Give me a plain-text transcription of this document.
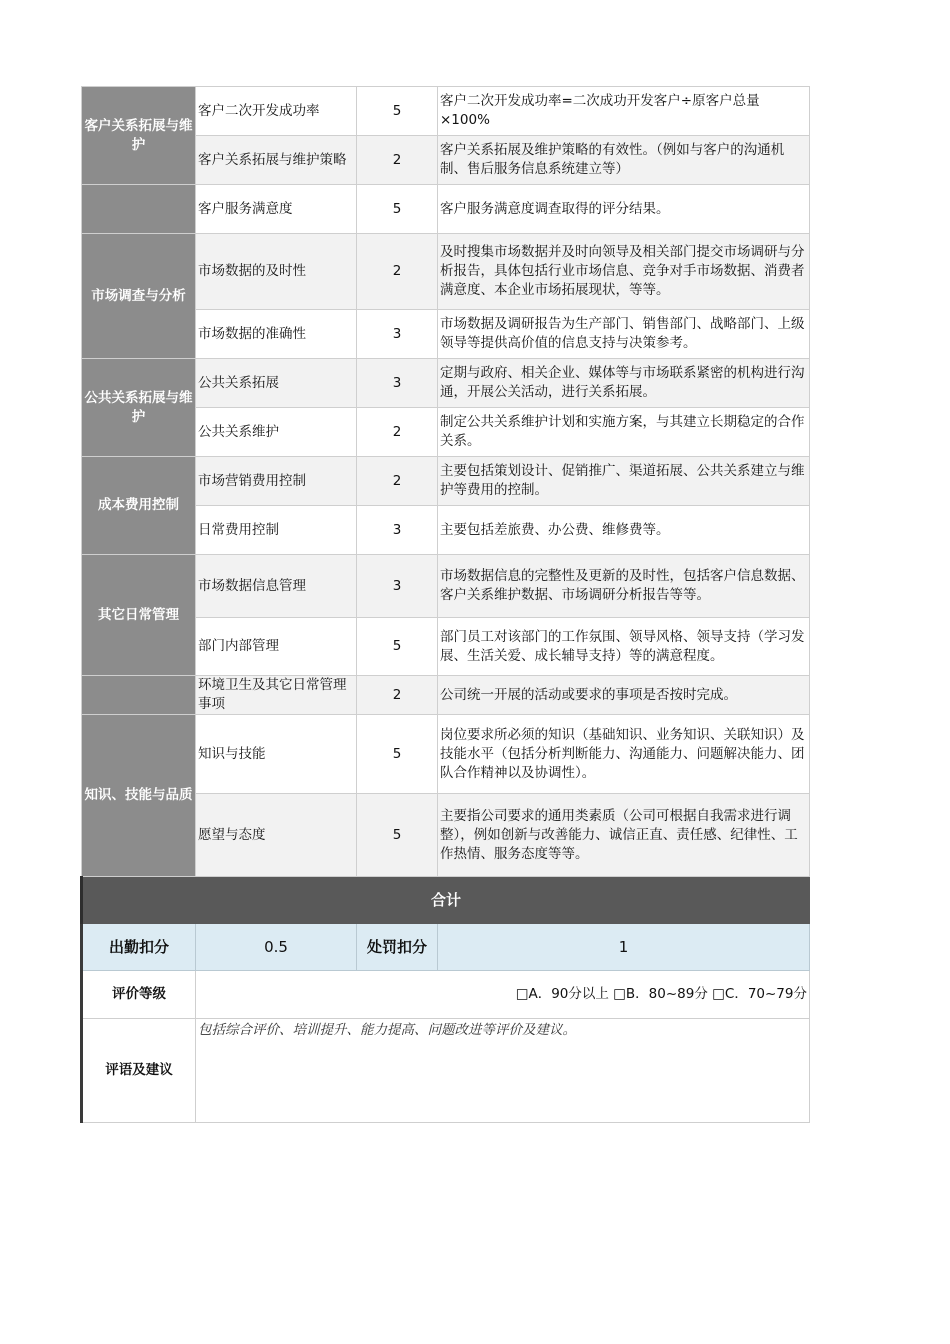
客户关系拓展与维护	客户二次开发成功率	5	客户二次开发成功率=二次成功开发客户÷原客户总量×100%
	客户关系拓展与维护策略	2	客户关系拓展及维护策略的有效性。（例如与客户的沟通机制、售后服务信息系统建立等）
	客户服务满意度	5	客户服务满意度调查取得的评分结果。
市场调查与分析	市场数据的及时性	2	及时搜集市场数据并及时向领导及相关部门提交市场调研与分析报告，具体包括行业市场信息、竞争对手市场数据、消费者满意度、本企业市场拓展现状，等等。
	市场数据的准确性	3	市场数据及调研报告为生产部门、销售部门、战略部门、上级领导等提供高价值的信息支持与决策参考。
公共关系拓展与维护	公共关系拓展	3	定期与政府、相关企业、媒体等与市场联系紧密的机构进行沟通，开展公关活动，进行关系拓展。
	公共关系维护	2	制定公共关系维护计划和实施方案，与其建立长期稳定的合作关系。
成本费用控制	市场营销费用控制	2	主要包括策划设计、促销推广、渠道拓展、公共关系建立与维护等费用的控制。
	日常费用控制	3	主要包括差旅费、办公费、维修费等。
其它日常管理	市场数据信息管理	3	市场数据信息的完整性及更新的及时性，包括客户信息数据、客户关系维护数据、市场调研分析报告等等。
	部门内部管理	5	部门员工对该部门的工作氛围、领导风格、领导支持（学习发展、生活关爱、成长辅导支持）等的满意程度。
	环境卫生及其它日常管理事项	2	公司统一开展的活动或要求的事项是否按时完成。
知识、技能与品质	知识与技能	5	岗位要求所必须的知识（基础知识、业务知识、关联知识）及技能水平（包括分析判断能力、沟通能力、问题解决能力、团队合作精神以及协调性）。
	愿望与态度	5	主要指公司要求的通用类素质（公司可根据自我需求进行调整），例如创新与改善能力、诚信正直、责任感、纪律性、工作热情、服务态度等等。
合计			
出勤扣分	0.5	处罚扣分	1
评价等级	□A．90分以上 □B．80~89分 □C．70~79分		
评语及建议	包括综合评价、培训提升、能力提高、问题改进等评价及建议。		
